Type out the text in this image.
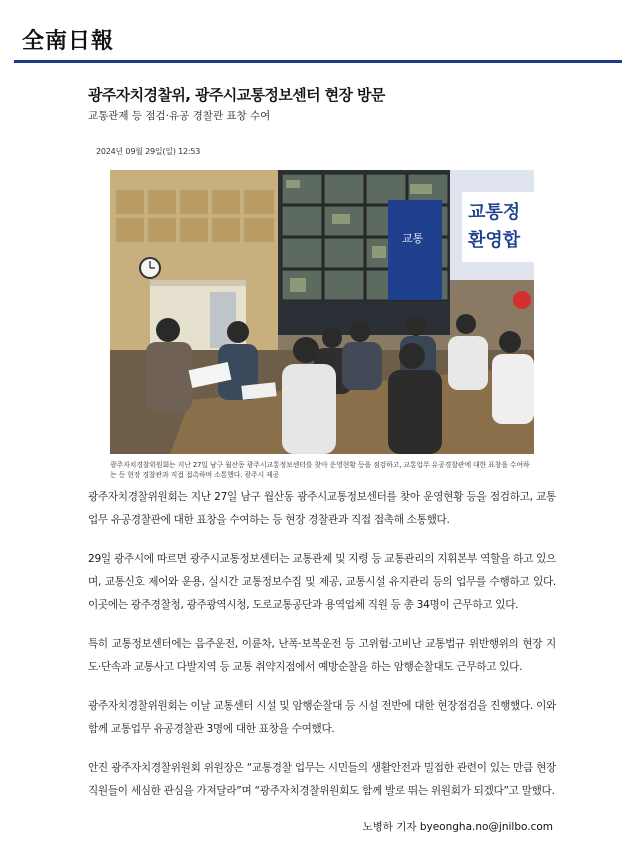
全南日報
광주자치경찰위, 광주시교통정보센터 현장 방문
교통관제 등 점검·유공 경찰관 표창 수여
2024년 09월 29일(일) 12:53
교통
교통정
환영합
광주자치경찰위원회는 지난 27일 남구 월산동 광주시교통정보센터를 찾아 운영현황 등을 점검하고, 교통업무 유공경찰관에 대한 표창을 수여하는 등 현장 경찰관과 직접 접촉하며 소통했다. 광주시 제공

광주자치경찰위원회는 지난 27일 남구 월산동 광주시교통정보센터를 찾아 운영현황 등을 점검하고, 교통업무 유공경찰관에 대한 표창을 수여하는 등 현장 경찰관과 직접 접촉해 소통했다.

29일 광주시에 따르면 광주시교통정보센터는 교통관제 및 지령 등 교통관리의 지휘본부 역할을 하고 있으며, 교통신호 제어와 운용, 실시간 교통정보수집 및 제공, 교통시설 유지관리 등의 업무를 수행하고 있다. 이곳에는 광주경찰청, 광주광역시청, 도로교통공단과 용역업체 직원 등 총 34명이 근무하고 있다.

특히 교통정보센터에는 음주운전, 이륜차, 난폭·보복운전 등 고위험·고비난 교통법규 위반행위의 현장 지도·단속과 교통사고 다발지역 등 교통 취약지점에서 예방순찰을 하는 암행순찰대도 근무하고 있다.

광주자치경찰위원회는 이날 교통센터 시설 및 암행순찰대 등 시설 전반에 대한 현장점검을 진행했다. 이와 함께 교통업무 유공경찰관 3명에 대한 표창을 수여했다.

안진 광주자치경찰위원회 위원장은 “교통경찰 업무는 시민들의 생활안전과 밀접한 관련이 있는 만큼 현장 직원들이 세심한 관심을 가져달라”며 “광주자치경찰위원회도 함께 발로 뛰는 위원회가 되겠다”고 말했다.

노병하 기자 byeongha.no@jnilbo.com
